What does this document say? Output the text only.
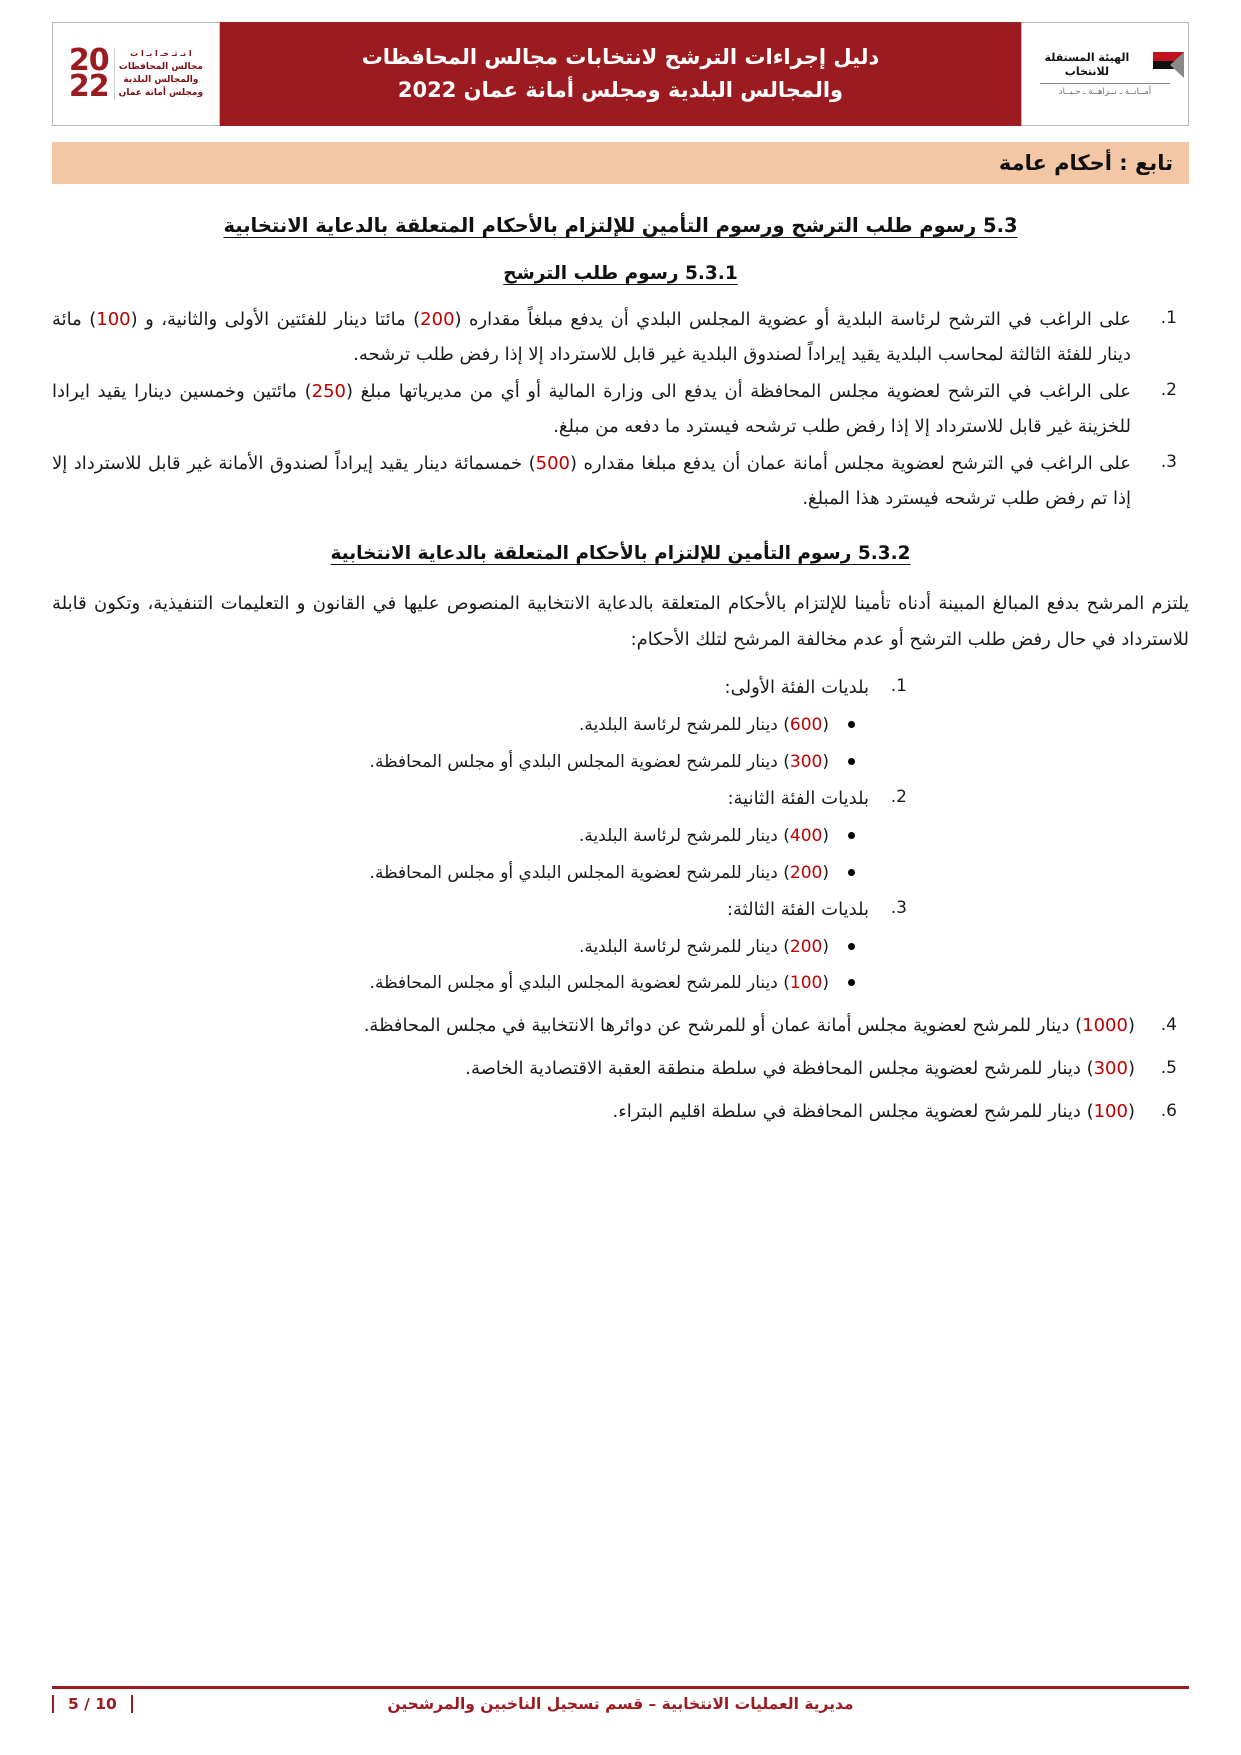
الهيئة المستقلة للانتخاب
أمــانــة ـ نــزاهــة ـ حـيــاد
دليل إجراءات الترشح لانتخابات مجالس المحافظات
والمجالس البلدية ومجلس أمانة عمان 2022
ا نـ تـ خـ ا بـ ا ت
مجالس المحافظات
والمجالس البلدية
ومجلس أمانة عمان
20
22
تابع : أحكام عامة
5.3 رسوم طلب الترشح ورسوم التأمين للإلتزام بالأحكام المتعلقة بالدعاية الانتخابية
5.3.1 رسوم طلب الترشح
على الراغب في الترشح لرئاسة البلدية أو عضوية المجلس البلدي أن يدفع مبلغاً مقداره (200) مائتا دينار للفئتين الأولى والثانية، و (100) مائة دينار للفئة الثالثة لمحاسب البلدية يقيد إيراداً لصندوق البلدية غير قابل للاسترداد إلا إذا رفض طلب ترشحه.
على الراغب في الترشح لعضوية مجلس المحافظة أن يدفع الى وزارة المالية أو أي من مديرياتها مبلغ (250) مائتين وخمسين دينارا يقيد ايرادا للخزينة غير قابل للاسترداد إلا إذا رفض طلب ترشحه فيسترد ما دفعه من مبلغ.
على الراغب في الترشح لعضوية مجلس أمانة عمان أن يدفع مبلغا مقداره (500) خمسمائة دينار يقيد إيراداً لصندوق الأمانة غير قابل للاسترداد إلا إذا تم رفض طلب ترشحه فيسترد هذا المبلغ.
5.3.2 رسوم التأمين للإلتزام بالأحكام المتعلقة بالدعاية الانتخابية
يلتزم المرشح بدفع المبالغ المبينة أدناه تأمينا للإلتزام بالأحكام المتعلقة بالدعاية الانتخابية المنصوص عليها في القانون و التعليمات التنفيذية، وتكون قابلة للاسترداد في حال رفض طلب الترشح أو عدم مخالفة المرشح لتلك الأحكام:
بلديات الفئة الأولى:
(600) دينار للمرشح لرئاسة البلدية.
(300) دينار للمرشح لعضوية المجلس البلدي أو مجلس المحافظة.
بلديات الفئة الثانية:
(400) دينار للمرشح لرئاسة البلدية.
(200) دينار للمرشح لعضوية المجلس البلدي أو مجلس المحافظة.
بلديات الفئة الثالثة:
(200) دينار للمرشح لرئاسة البلدية.
(100) دينار للمرشح لعضوية المجلس البلدي أو مجلس المحافظة.
(1000) دينار للمرشح لعضوية مجلس أمانة عمان أو للمرشح عن دوائرها الانتخابية في مجلس المحافظة.
(300) دينار للمرشح لعضوية مجلس المحافظة في سلطة منطقة العقبة الاقتصادية الخاصة.
(100) دينار للمرشح لعضوية مجلس المحافظة في سلطة اقليم البتراء.
5 / 10	مديرية العمليات الانتخابية – قسم تسجيل الناخبين والمرشحين
